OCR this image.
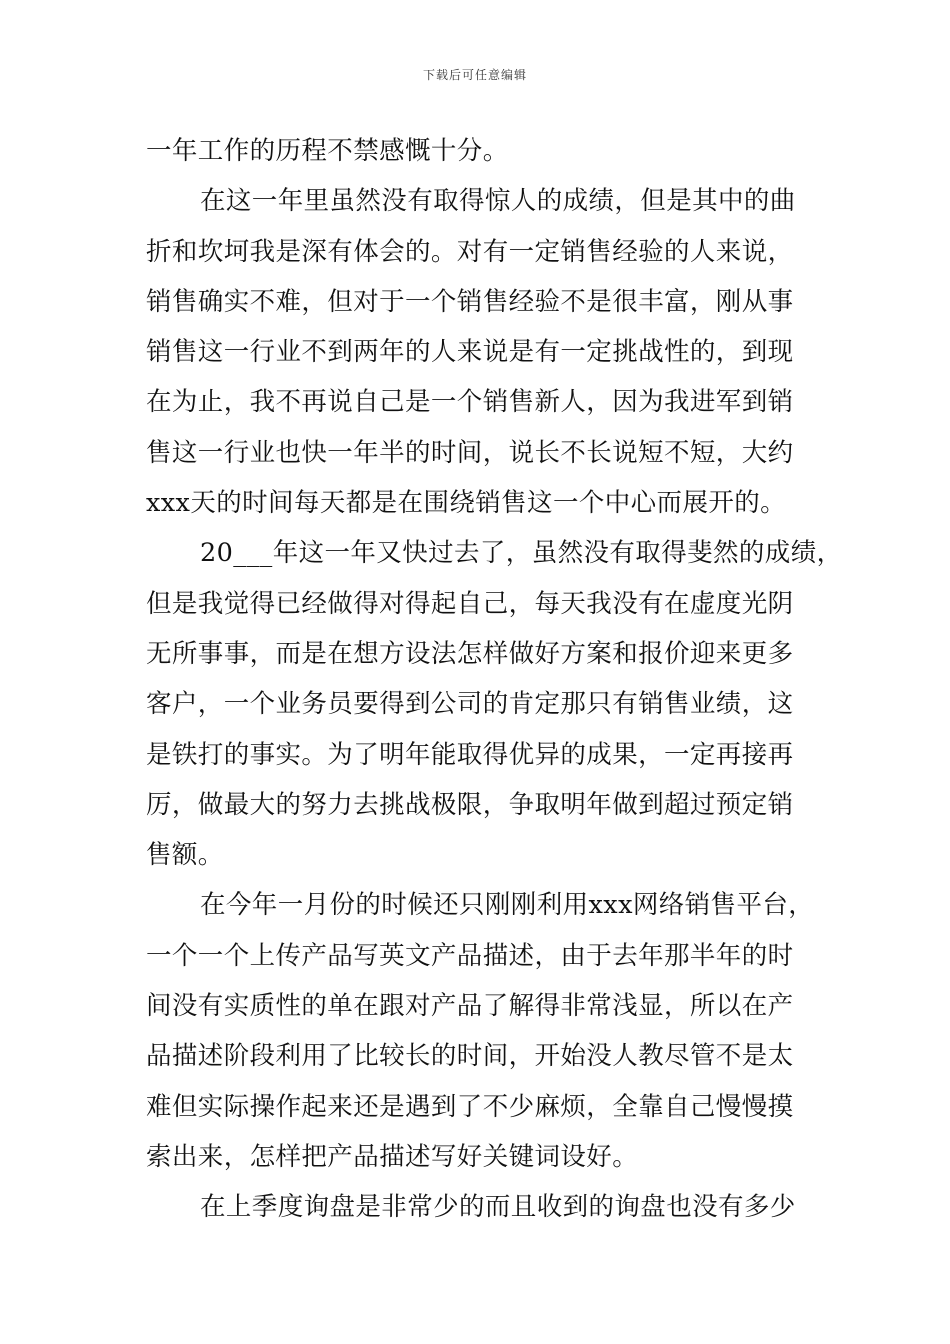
下载后可任意编辑
一年工作的历程不禁感慨十分。
在这一年里虽然没有取得惊人的成绩，但是其中的曲
折和坎坷我是深有体会的。对有一定销售经验的人来说，
销售确实不难，但对于一个销售经验不是很丰富，刚从事
销售这一行业不到两年的人来说是有一定挑战性的，到现
在为止，我不再说自己是一个销售新人，因为我进军到销
售这一行业也快一年半的时间，说长不长说短不短，大约
xxx天的时间每天都是在围绕销售这一个中心而展开的。
20___年这一年又快过去了，虽然没有取得斐然的成绩，
但是我觉得已经做得对得起自己，每天我没有在虚度光阴
无所事事，而是在想方设法怎样做好方案和报价迎来更多
客户，一个业务员要得到公司的肯定那只有销售业绩，这
是铁打的事实。为了明年能取得优异的成果，一定再接再
厉，做最大的努力去挑战极限，争取明年做到超过预定销
售额。
在今年一月份的时候还只刚刚利用xxx网络销售平台，
一个一个上传产品写英文产品描述，由于去年那半年的时
间没有实质性的单在跟对产品了解得非常浅显，所以在产
品描述阶段利用了比较长的时间，开始没人教尽管不是太
难但实际操作起来还是遇到了不少麻烦，全靠自己慢慢摸
索出来，怎样把产品描述写好关键词设好。
在上季度询盘是非常少的而且收到的询盘也没有多少
